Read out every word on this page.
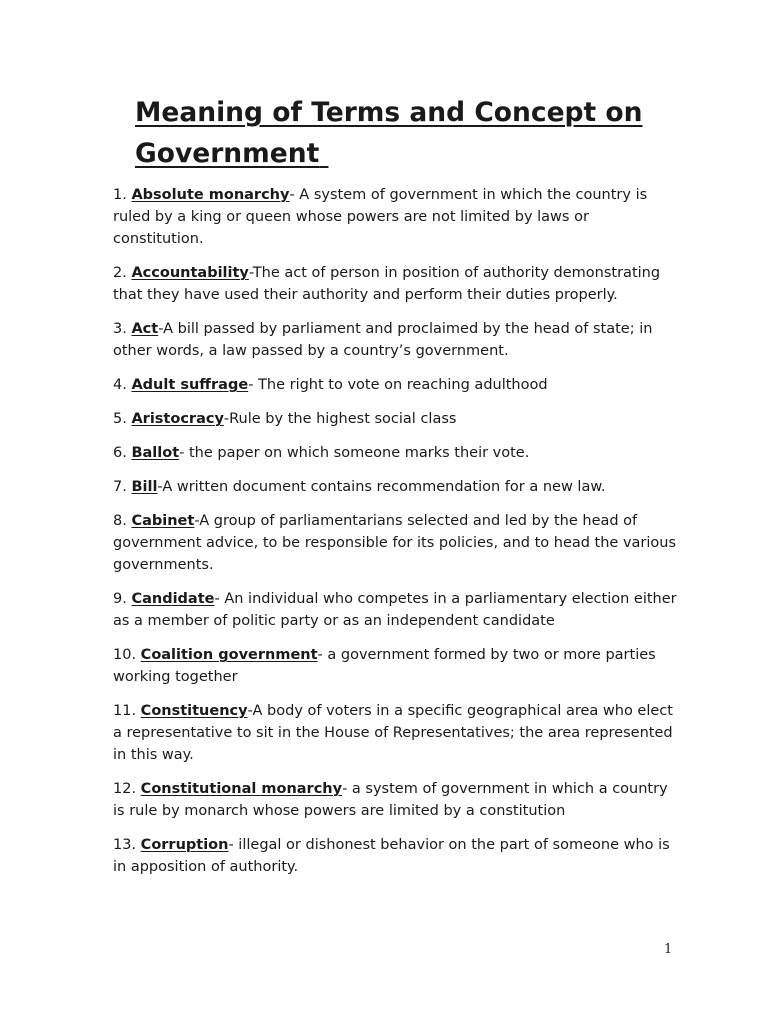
Meaning of Terms and Concept on Government
1. Absolute monarchy- A system of government in which the country is ruled by a king or queen whose powers are not limited by laws or constitution.
2. Accountability-The act of person in position of authority demonstrating that they have used their authority and perform their duties properly.
3. Act-A bill passed by parliament and proclaimed by the head of state; in other words, a law passed by a country’s government.
4. Adult suffrage- The right to vote on reaching adulthood
5. Aristocracy-Rule by the highest social class
6. Ballot- the paper on which someone marks their vote.
7. Bill-A written document contains recommendation for a new law.
8. Cabinet-A group of parliamentarians selected and led by the head of government advice, to be responsible for its policies, and to head the various governments.
9. Candidate- An individual who competes in a parliamentary election either as a member of politic party or as an independent candidate
10. Coalition government- a government formed by two or more parties working together
11. Constituency-A body of voters in a specific geographical area who elect a representative to sit in the House of Representatives; the area represented in this way.
12. Constitutional monarchy- a system of government in which a country is rule by monarch whose powers are limited by a constitution
13. Corruption- illegal or dishonest behavior on the part of someone who is in apposition of authority.
1
